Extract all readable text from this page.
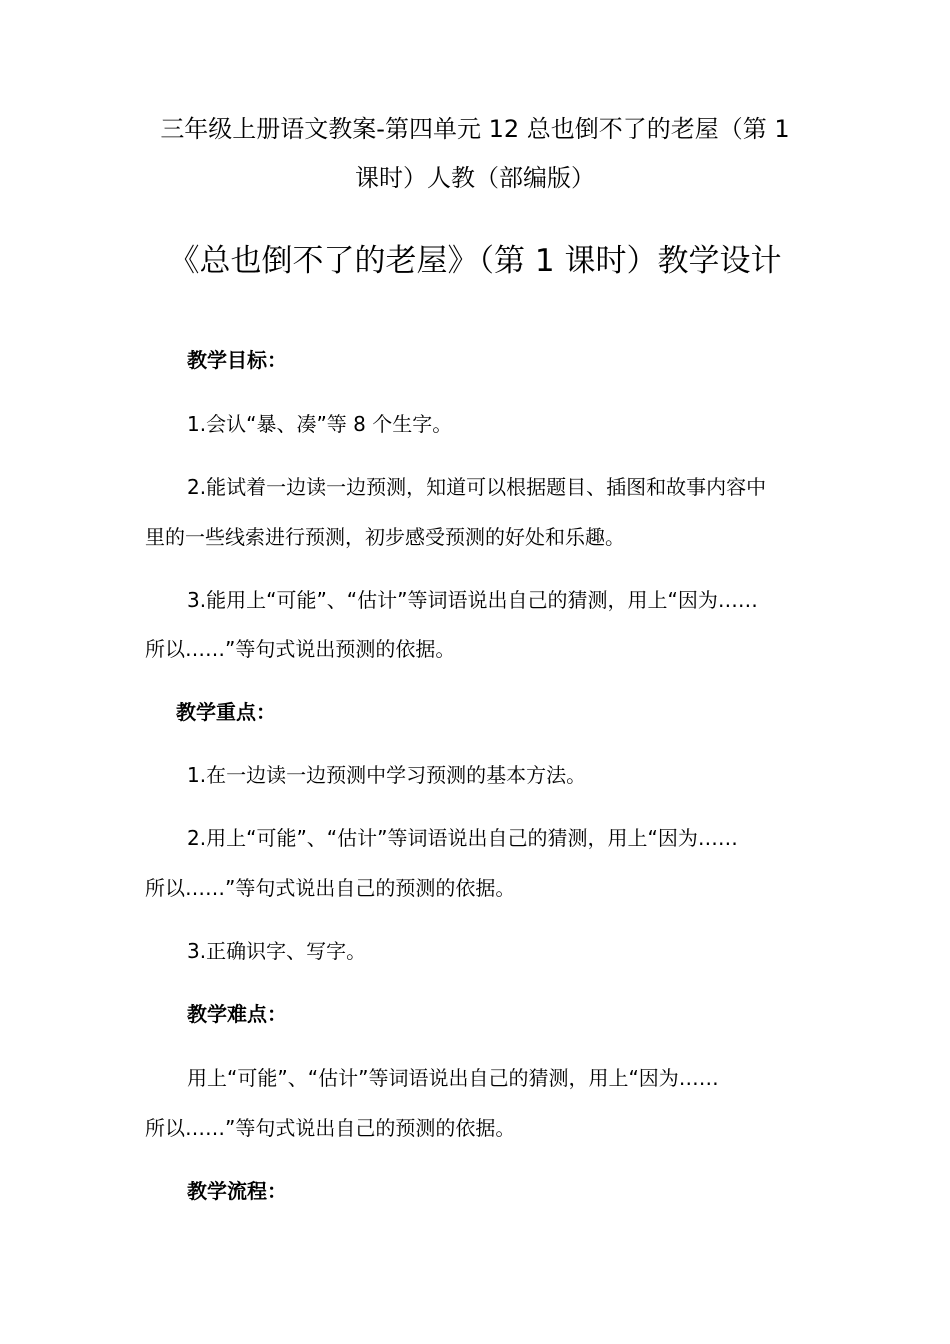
三年级上册语文教案-第四单元 12 总也倒不了的老屋（第 1
课时）人教（部编版）
《总也倒不了的老屋》（第 1 课时）教学设计
教学目标：
1.会认“暴、凑”等 8 个生字。
2.能试着一边读一边预测，知道可以根据题目、插图和故事内容中
里的一些线索进行预测，初步感受预测的好处和乐趣。
3.能用上“可能”、“估计”等词语说出自己的猜测，用上“因为……
所以……”等句式说出预测的依据。
教学重点：
1.在一边读一边预测中学习预测的基本方法。
2.用上“可能”、“估计”等词语说出自己的猜测，用上“因为……
所以……”等句式说出自己的预测的依据。
3.正确识字、写字。
教学难点：
用上“可能”、“估计”等词语说出自己的猜测，用上“因为……
所以……”等句式说出自己的预测的依据。
教学流程：
